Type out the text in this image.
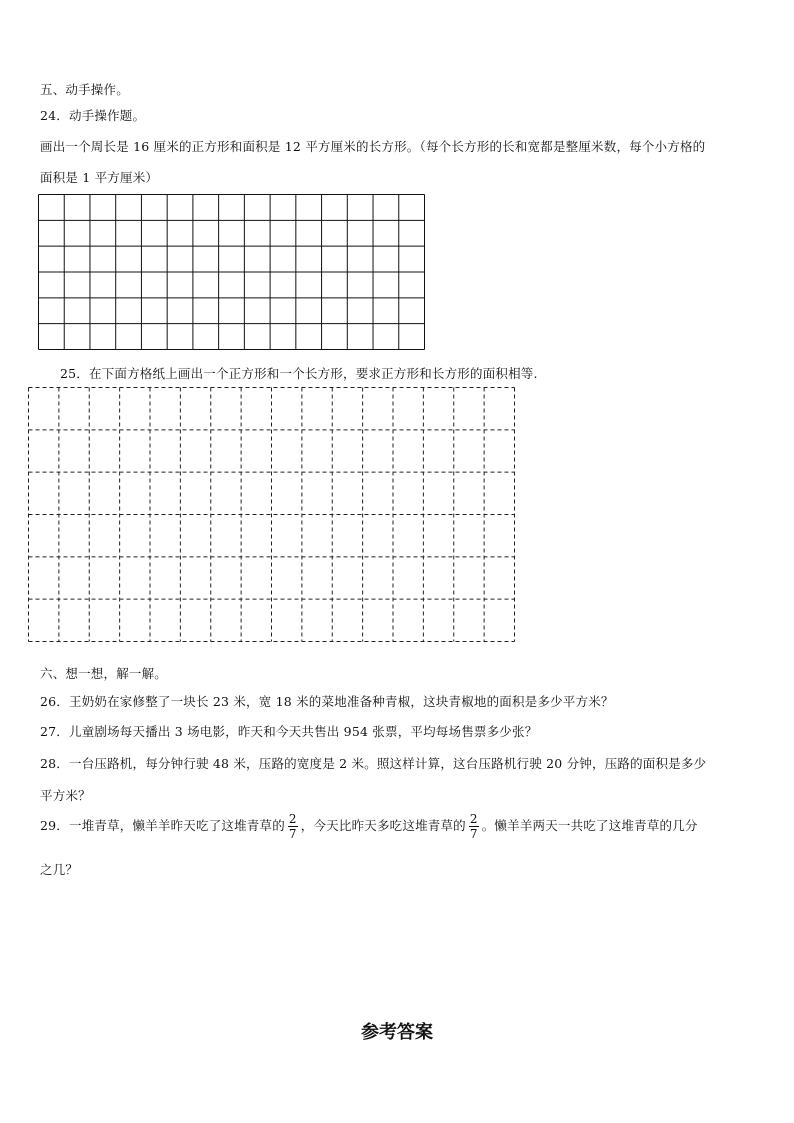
五、动手操作。
24．动手操作题。
画出一个周长是 16 厘米的正方形和面积是 12 平方厘米的长方形。（每个长方形的长和宽都是整厘米数，每个小方格的
面积是 1 平方厘米）
25．在下面方格纸上画出一个正方形和一个长方形，要求正方形和长方形的面积相等.
六、想一想，解一解。
26．王奶奶在家修整了一块长 23 米，宽 18 米的菜地准备种青椒，这块青椒地的面积是多少平方米？
27．儿童剧场每天播出 3 场电影，昨天和今天共售出 954 张票，平均每场售票多少张？
28．一台压路机，每分钟行驶 48 米，压路的宽度是 2 米。照这样计算，这台压路机行驶 20 分钟，压路的面积是多少
平方米？
29．一堆青草，懒羊羊昨天吃了这堆青草的 $\frac{2}{7}$ ，今天比昨天多吃这堆青草的 $\frac{2}{7}$ 。懒羊羊两天一共吃了这堆青草的几分
之几？
参考答案
